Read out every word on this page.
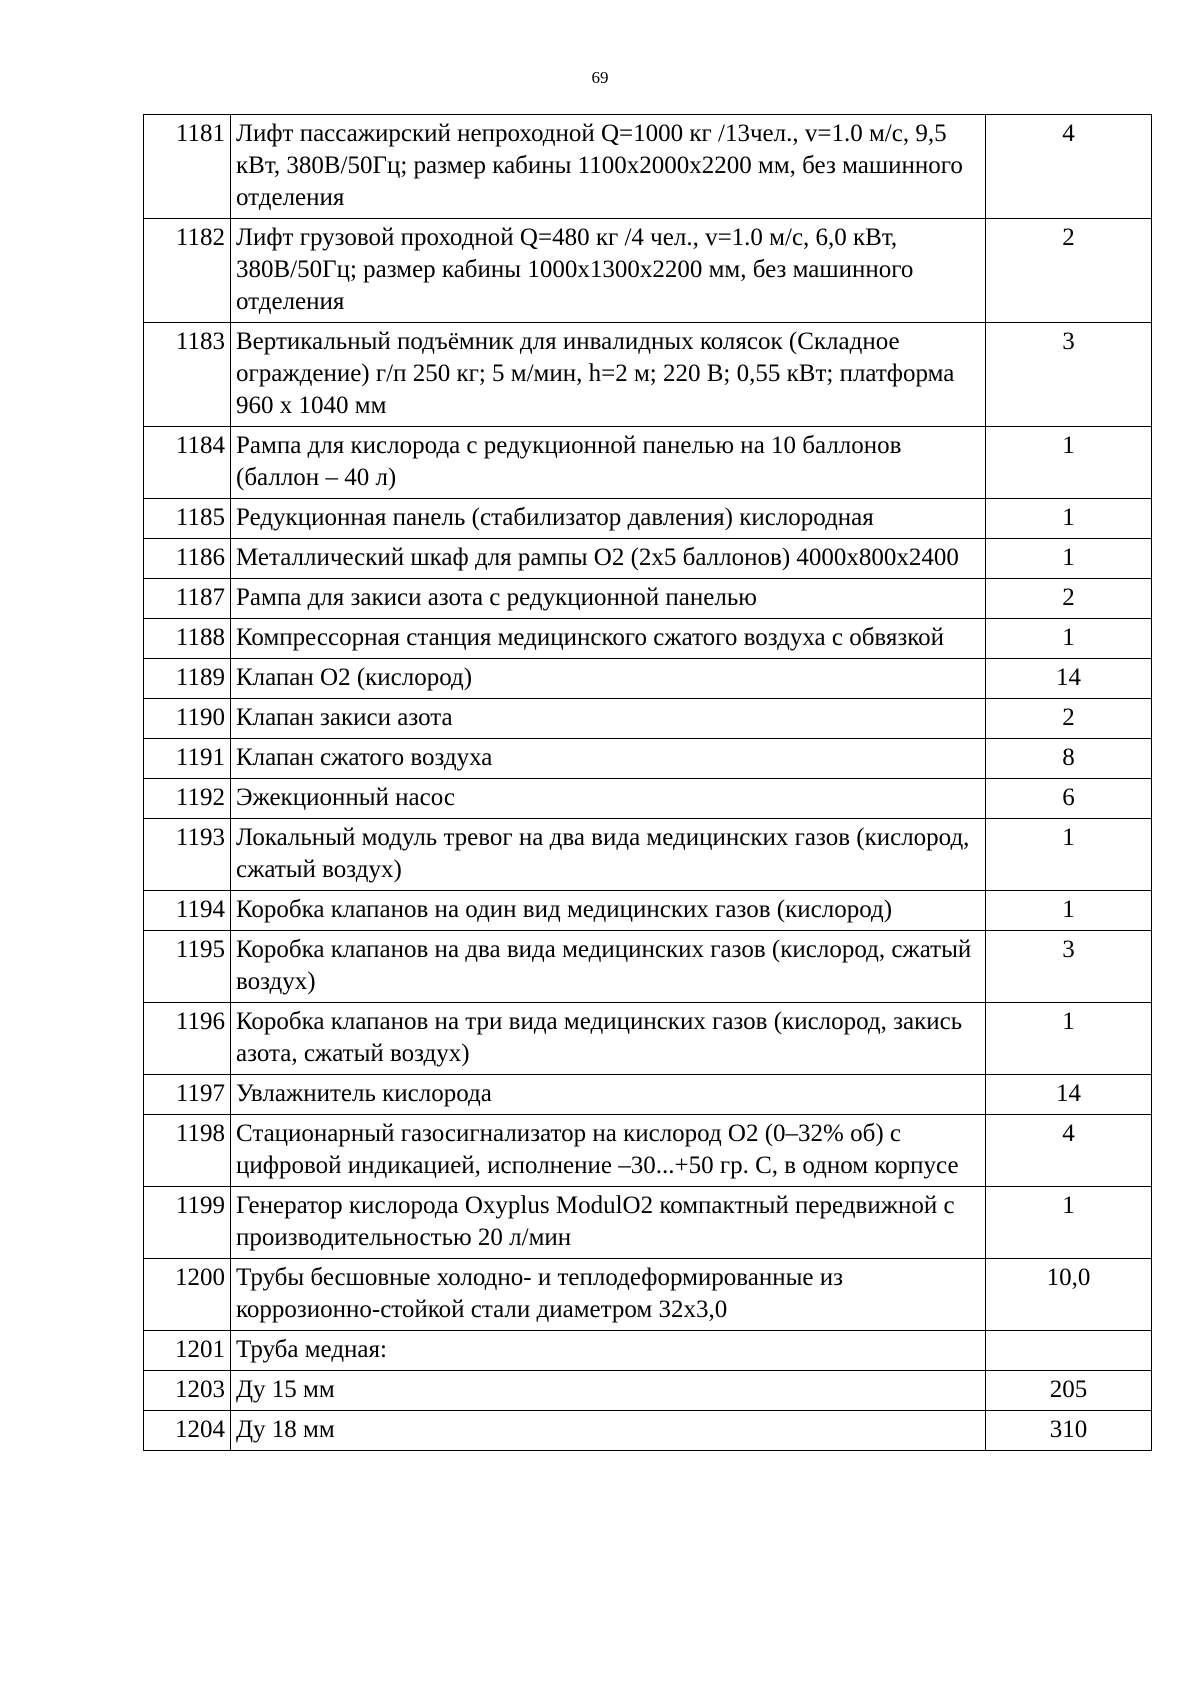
69
1181	Лифт пассажирский непроходной Q=1000 кг /13чел., v=1.0 м/с, 9,5 кВт, 380В/50Гц; размер кабины 1100х2000х2200 мм, без машинного отделения	4
1182	Лифт грузовой проходной Q=480 кг /4 чел., v=1.0 м/с, 6,0 кВт, 380В/50Гц; размер кабины 1000х1300х2200 мм, без машинного отделения	2
1183	Вертикальный подъёмник для инвалидных колясок (Складное ограждение) г/п 250 кг; 5 м/мин, h=2 м; 220 В; 0,55 кВт; платформа 960 х 1040 мм	3
1184	Рампа для кислорода с редукционной панелью на 10 баллонов (баллон – 40 л)	1
1185	Редукционная панель (стабилизатор давления) кислородная	1
1186	Металлический шкаф для рампы О2 (2х5 баллонов) 4000х800х2400	1
1187	Рампа для закиси азота с редукционной панелью	2
1188	Компрессорная станция медицинского сжатого воздуха с обвязкой	1
1189	Клапан О2 (кислород)	14
1190	Клапан закиси азота	2
1191	Клапан сжатого воздуха	8
1192	Эжекционный насос	6
1193	Локальный модуль тревог на два вида медицинских газов (кислород, сжатый воздух)	1
1194	Коробка клапанов на один вид медицинских газов (кислород)	1
1195	Коробка клапанов на два вида медицинских газов (кислород, сжатый воздух)	3
1196	Коробка клапанов на три вида медицинских газов (кислород, закись азота, сжатый воздух)	1
1197	Увлажнитель кислорода	14
1198	Стационарный газосигнализатор на кислород О2 (0–32% об) с цифровой индикацией, исполнение –30...+50 гр. С, в одном корпусе	4
1199	Генератор кислорода Oxyplus ModulO2 компактный передвижной с производительностью 20 л/мин	1
1200	Трубы бесшовные холодно- и теплодеформированные из коррозионно-стойкой стали диаметром 32х3,0	10,0
1201	Труба медная:	
1203	Ду 15 мм	205
1204	Ду 18 мм	310
